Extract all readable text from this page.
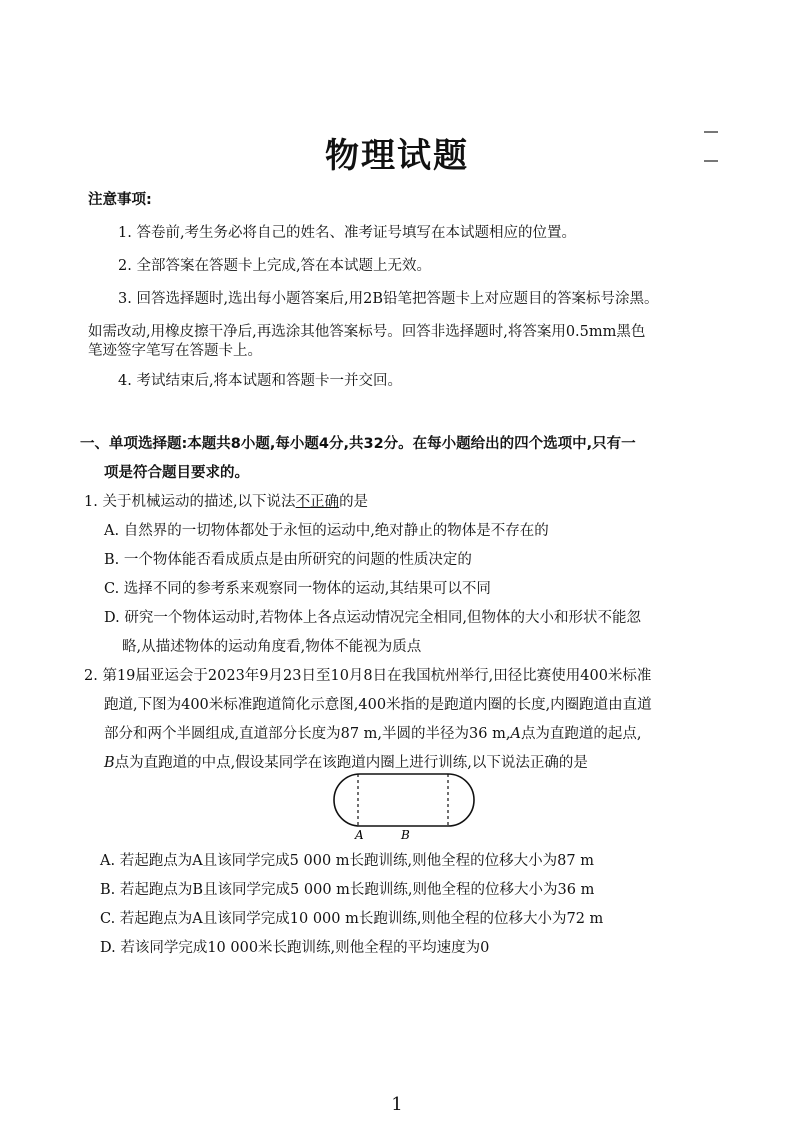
物理试题
注意事项:
1. 答卷前,考生务必将自己的姓名、准考证号填写在本试题相应的位置。
2. 全部答案在答题卡上完成,答在本试题上无效。
3. 回答选择题时,选出每小题答案后,用2B铅笔把答题卡上对应题目的答案标号涂黑。
如需改动,用橡皮擦干净后,再选涂其他答案标号。回答非选择题时,将答案用0.5mm黑色
笔迹签字笔写在答题卡上。
4. 考试结束后,将本试题和答题卡一并交回。
一、单项选择题:本题共8小题,每小题4分,共32分。在每小题给出的四个选项中,只有一
项是符合题目要求的。
1. 关于机械运动的描述,以下说法不正确的是
A. 自然界的一切物体都处于永恒的运动中,绝对静止的物体是不存在的
B. 一个物体能否看成质点是由所研究的问题的性质决定的
C. 选择不同的参考系来观察同一物体的运动,其结果可以不同
D. 研究一个物体运动时,若物体上各点运动情况完全相同,但物体的大小和形状不能忽
略,从描述物体的运动角度看,物体不能视为质点
2. 第19届亚运会于2023年9月23日至10月8日在我国杭州举行,田径比赛使用400米标准
跑道,下图为400米标准跑道简化示意图,400米指的是跑道内圈的长度,内圈跑道由直道
部分和两个半圆组成,直道部分长度为87 m,半圆的半径为36 m,A点为直跑道的起点,
B点为直跑道的中点,假设某同学在该跑道内圈上进行训练,以下说法正确的是
A	B
A. 若起跑点为A且该同学完成5 000 m长跑训练,则他全程的位移大小为87 m
B. 若起跑点为B且该同学完成5 000 m长跑训练,则他全程的位移大小为36 m
C. 若起跑点为A且该同学完成10 000 m长跑训练,则他全程的位移大小为72 m
D. 若该同学完成10 000米长跑训练,则他全程的平均速度为0
1
